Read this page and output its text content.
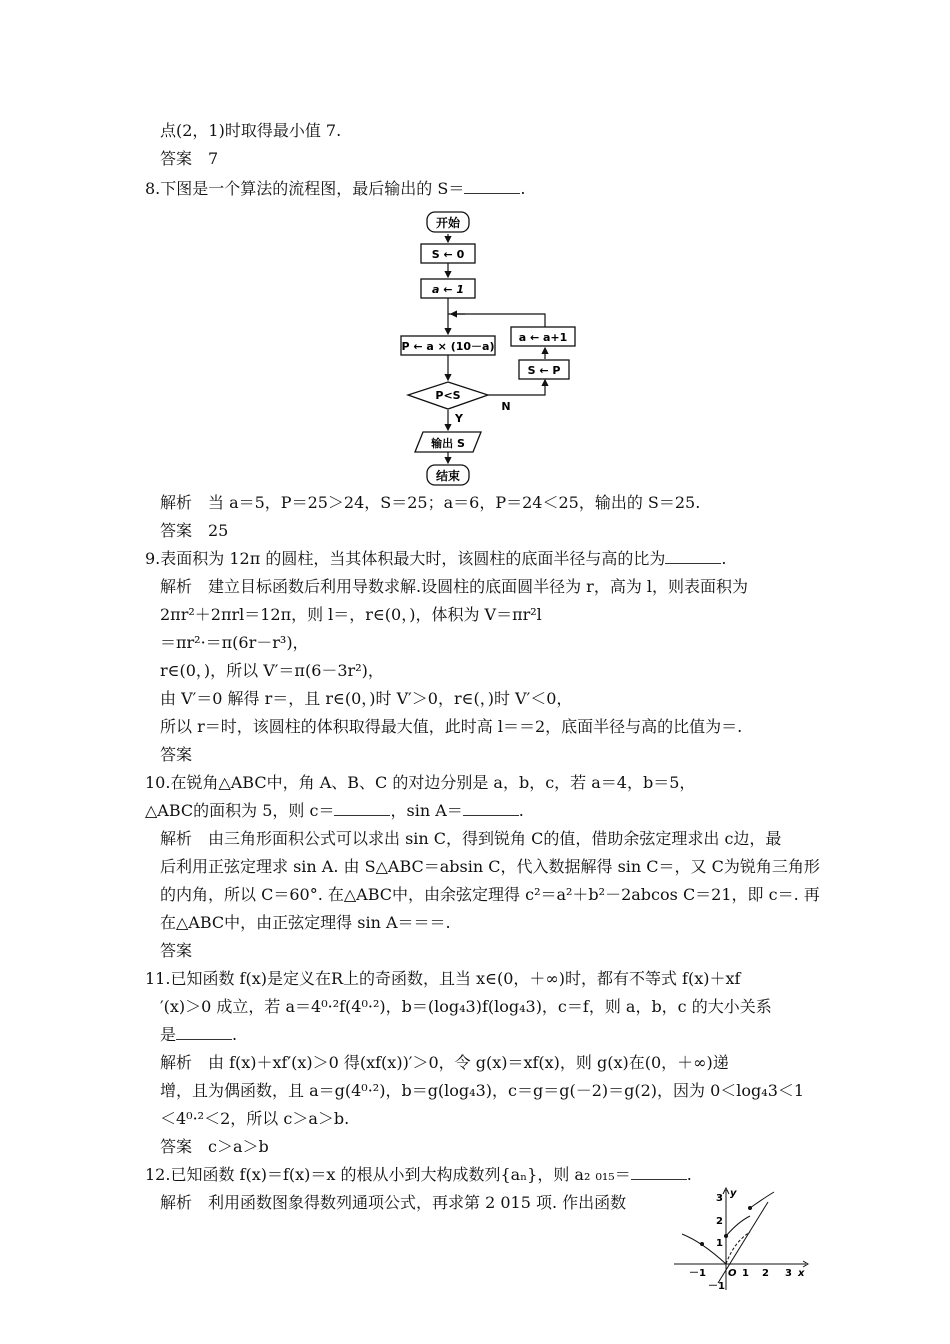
点(2，1)时取得最小值 7.
答案　7
8.下图是一个算法的流程图，最后输出的 S＝	.
开始
S ← 0
a ← 1
P ← a × (10－a)
P<S
N
Y
a ← a+1
S ← P
输出 S
结束
解析　当 a＝5，P＝25＞24，S＝25；a＝6，P＝24＜25，输出的 S＝25.
答案　25
9.表面积为 12π 的圆柱，当其体积最大时，该圆柱的底面半径与高的比为	.
解析　建立目标函数后利用导数求解.设圆柱的底面圆半径为 r，高为 l，则表面积为
2πr²＋2πrl＝12π，则 l＝，r∈(0，)，体积为 V＝πr²l
＝πr²·＝π(6r－r³)，
r∈(0，)，所以 V′＝π(6－3r²)，
由 V′＝0 解得 r＝，且 r∈(0，)时 V′＞0，r∈(，)时 V′＜0，
所以 r＝时，该圆柱的体积取得最大值，此时高 l＝＝2，底面半径与高的比值为＝.
答案
10.在锐角△ABC中，角 A、B、C 的对边分别是 a，b，c，若 a＝4，b＝5，
△ABC的面积为 5，则 c＝	，sin A＝	.
解析　由三角形面积公式可以求出 sin C，得到锐角 C的值，借助余弦定理求出 c边，最
后利用正弦定理求 sin A. 由 S△ABC＝absin C，代入数据解得 sin C＝，又 C为锐角三角形
的内角，所以 C＝60°. 在△ABC中，由余弦定理得 c²＝a²＋b²－2abcos C＝21，即 c＝. 再
在△ABC中，由正弦定理得 sin A＝＝＝.
答案
11.已知函数 f(x)是定义在R上的奇函数，且当 x∈(0，＋∞)时，都有不等式 f(x)＋xf
′(x)＞0 成立，若 a＝4⁰·²f(4⁰·²)，b＝(log₄3)f(log₄3)，c＝f，则 a，b，c 的大小关系
是	.
解析　由 f(x)＋xf′(x)＞0 得(xf(x))′＞0，令 g(x)＝xf(x)，则 g(x)在(0，＋∞)递
增，且为偶函数，且 a＝g(4⁰·²)，b＝g(log₄3)，c＝g＝g(－2)＝g(2)，因为 0＜log₄3＜1
＜4⁰·²＜2，所以 c＞a＞b.
答案　c＞a＞b
12.已知函数 f(x)＝f(x)＝x 的根从小到大构成数列{aₙ}，则 a₂ ₀₁₅＝	.
解析　利用函数图象得数列通项公式，再求第 2 015 项. 作出函数	y
x
O
－1	1 2 3
3
2
1
－1
